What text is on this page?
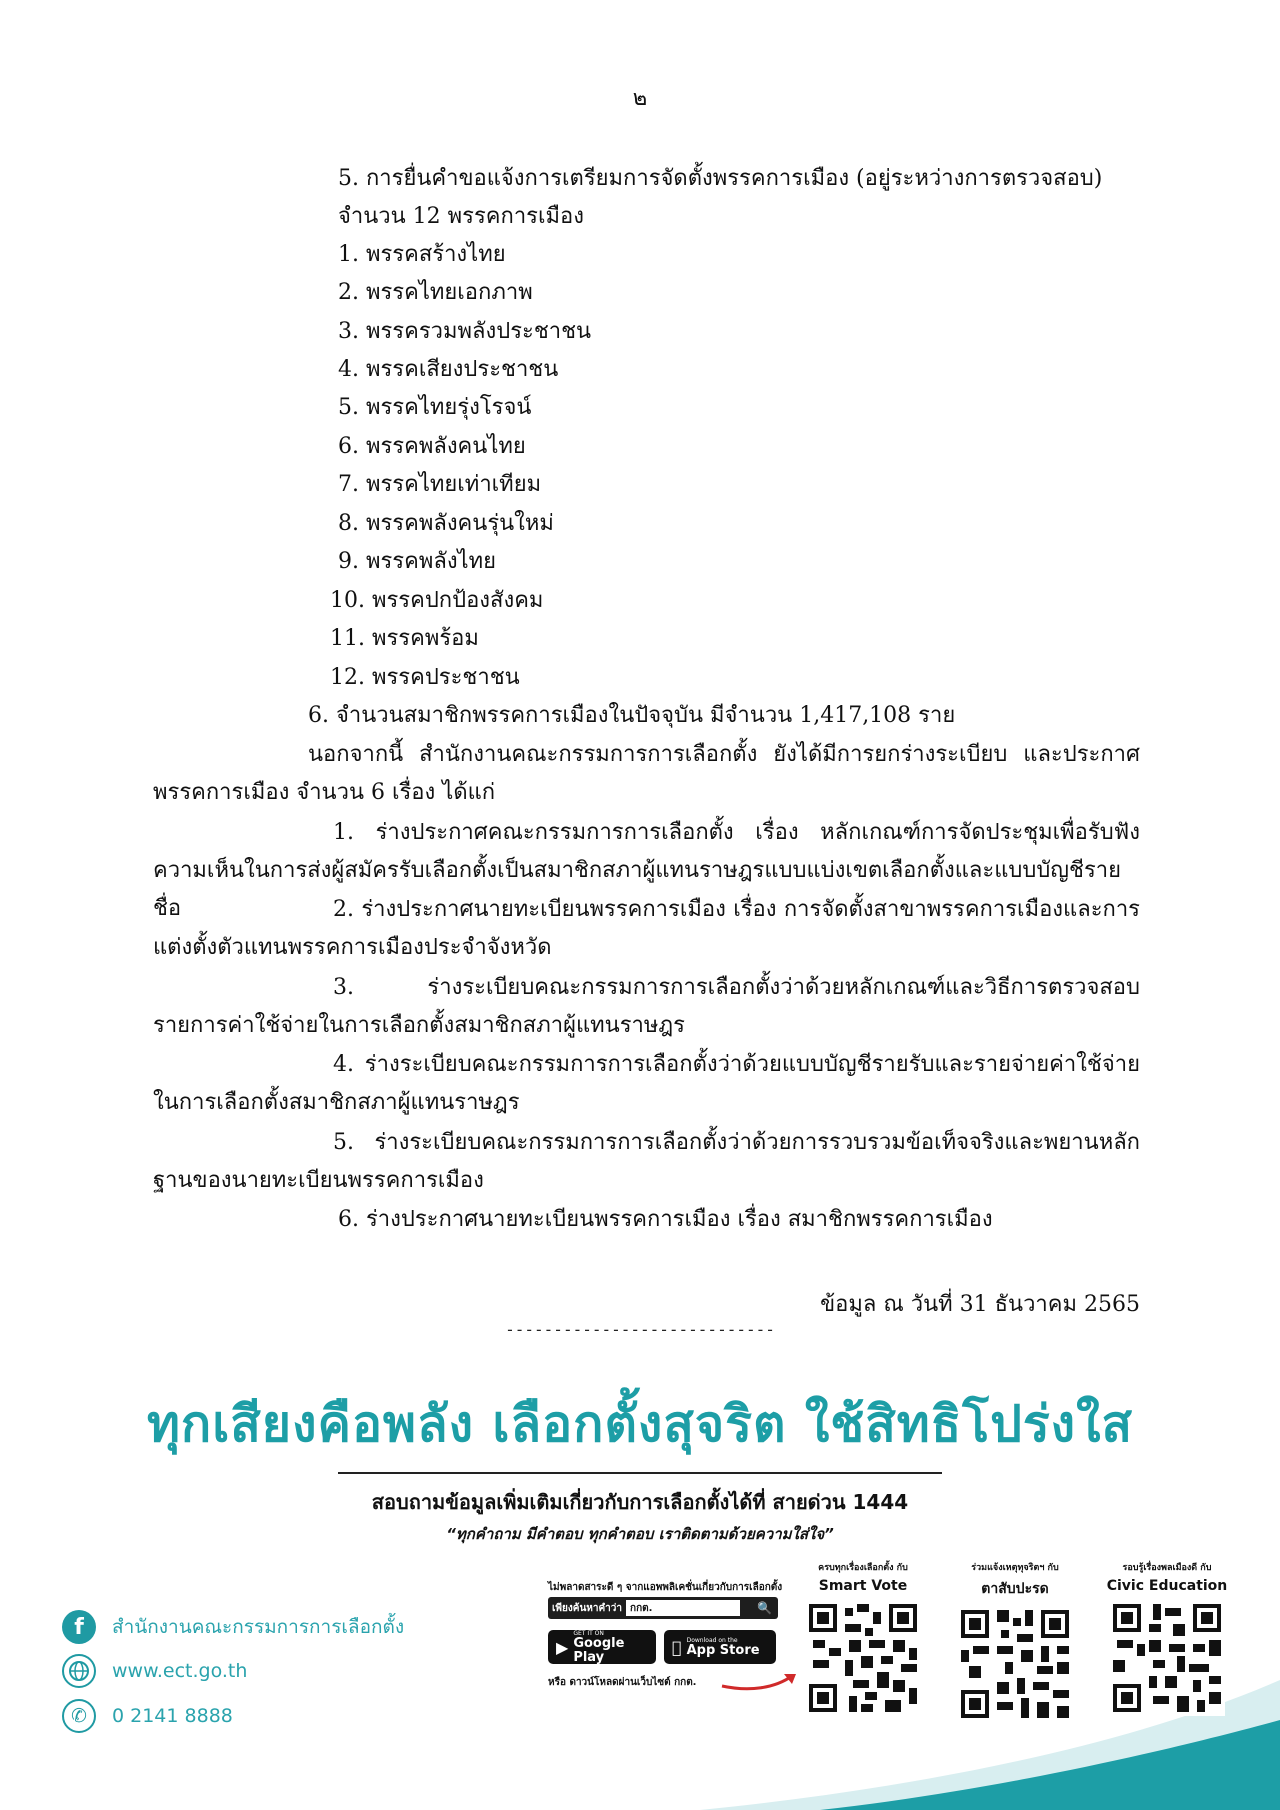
๒
5. การยื่นคำขอแจ้งการเตรียมการจัดตั้งพรรคการเมือง (อยู่ระหว่างการตรวจสอบ)
จำนวน 12 พรรคการเมือง
1. พรรคสร้างไทย
2. พรรคไทยเอกภาพ
3. พรรครวมพลังประชาชน
4. พรรคเสียงประชาชน
5. พรรคไทยรุ่งโรจน์
6. พรรคพลังคนไทย
7. พรรคไทยเท่าเทียม
8. พรรคพลังคนรุ่นใหม่
9. พรรคพลังไทย
10. พรรคปกป้องสังคม
11. พรรคพร้อม
12. พรรคประชาชน
6. จำนวนสมาชิกพรรคการเมืองในปัจจุบัน มีจำนวน 1,417,108 ราย
นอกจากนี้ สำนักงานคณะกรรมการการเลือกตั้ง ยังได้มีการยกร่างระเบียบ และประกาศ พรรคการเมือง จำนวน 6 เรื่อง ได้แก่
1. ร่างประกาศคณะกรรมการการเลือกตั้ง เรื่อง หลักเกณฑ์การจัดประชุมเพื่อรับฟังความเห็นในการส่งผู้สมัครรับเลือกตั้งเป็นสมาชิกสภาผู้แทนราษฎรแบบแบ่งเขตเลือกตั้งและแบบบัญชีรายชื่อ	2. ร่างประกาศนายทะเบียนพรรคการเมือง เรื่อง การจัดตั้งสาขาพรรคการเมืองและการแต่งตั้งตัวแทนพรรคการเมืองประจำจังหวัด
3. ร่างระเบียบคณะกรรมการการเลือกตั้งว่าด้วยหลักเกณฑ์และวิธีการตรวจสอบรายการค่าใช้จ่ายในการเลือกตั้งสมาชิกสภาผู้แทนราษฎร
4. ร่างระเบียบคณะกรรมการการเลือกตั้งว่าด้วยแบบบัญชีรายรับและรายจ่ายค่าใช้จ่ายในการเลือกตั้งสมาชิกสภาผู้แทนราษฎร
5. ร่างระเบียบคณะกรรมการการเลือกตั้งว่าด้วยการรวบรวมข้อเท็จจริงและพยานหลักฐานของนายทะเบียนพรรคการเมือง
6. ร่างประกาศนายทะเบียนพรรคการเมือง เรื่อง สมาชิกพรรคการเมือง
ข้อมูล ณ วันที่ 31 ธันวาคม 2565
----------------------------
ทุกเสียงคือพลัง เลือกตั้งสุจริต ใช้สิทธิโปร่งใส
สอบถามข้อมูลเพิ่มเติมเกี่ยวกับการเลือกตั้งได้ที่ สายด่วน 1444
“ทุกคำถาม มีคำตอบ ทุกคำตอบ เราติดตามด้วยความใส่ใจ”
f	สำนักงานคณะกรรมการการเลือกตั้ง
www.ect.go.th
✆	0 2141 8888
ไม่พลาดสาระดี ๆ จากแอพพลิเคชั่นเกี่ยวกับการเลือกตั้ง
เพียงค้นหาคำว่า กกต.	🔍
▶
GET IT ON
Google Play
Download on the
App Store
หรือ ดาวน์โหลดผ่านเว็บไซต์ กกต.
ครบทุกเรื่องเลือกตั้ง กับ
Smart Vote
ร่วมแจ้งเหตุทุจริตฯ กับ
ตาสับปะรด
รอบรู้เรื่องพลเมืองดี กับ
Civic Education
